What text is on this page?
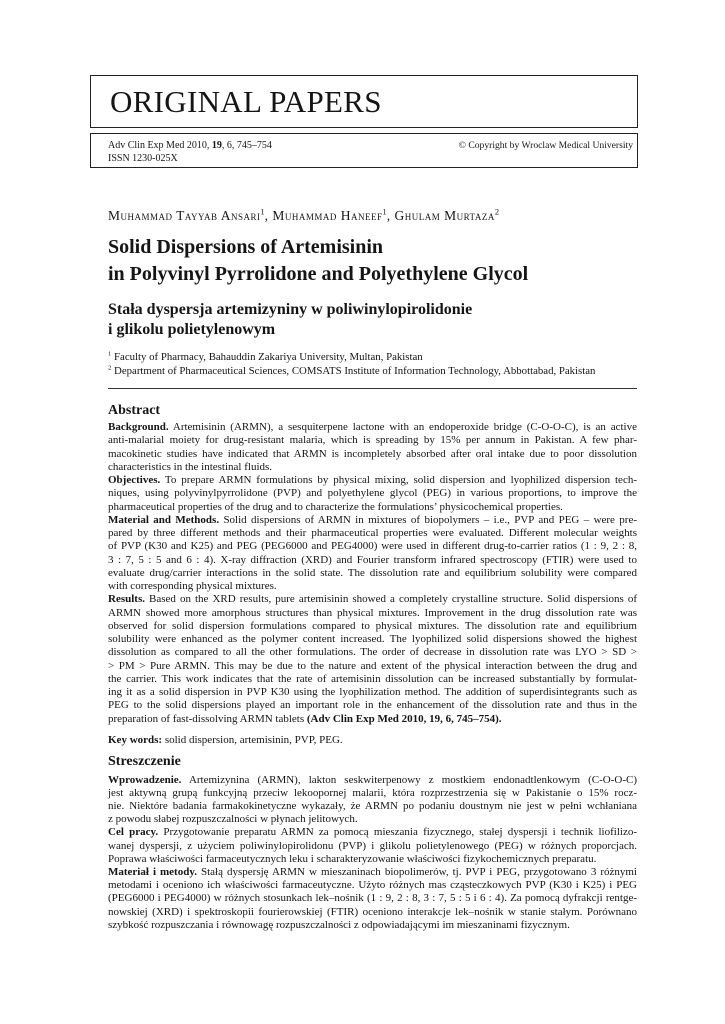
ORIGINAL PAPERS
Adv Clin Exp Med 2010, 19, 6, 745–754
ISSN 1230-025X
© Copyright by Wroclaw Medical University
Muhammad Tayyab Ansari$^1$, Muhammad Haneef$^1$, Ghulam Murtaza$^2$
Solid Dispersions of Artemisinin
in Polyvinyl Pyrrolidone and Polyethylene Glycol
Stała dyspersja artemizyniny w poliwinylopirolidonie
i glikolu polietylenowym
$^1$ Faculty of Pharmacy, Bahauddin Zakariya University, Multan, Pakistan
$^2$ Department of Pharmaceutical Sciences, COMSATS Institute of Information Technology, Abbottabad, Pakistan
Abstract
Background. Artemisinin (ARMN), a sesquiterpene lactone with an endoperoxide bridge (C-O-O-C), is an active
anti-malarial moiety for drug-resistant malaria, which is spreading by 15% per annum in Pakistan. A few phar-
macokinetic studies have indicated that ARMN is incompletely absorbed after oral intake due to poor dissolution
characteristics in the intestinal fluids.
Objectives. To prepare ARMN formulations by physical mixing, solid dispersion and lyophilized dispersion tech-
niques, using polyvinylpyrrolidone (PVP) and polyethylene glycol (PEG) in various proportions, to improve the
pharmaceutical properties of the drug and to characterize the formulations’ physicochemical properties.
Material and Methods. Solid dispersions of ARMN in mixtures of biopolymers – i.e., PVP and PEG – were pre-
pared by three different methods and their pharmaceutical properties were evaluated. Different molecular weights
of PVP (K30 and K25) and PEG (PEG6000 and PEG4000) were used in different drug-to-carrier ratios (1 : 9, 2 : 8,
3 : 7, 5 : 5 and 6 : 4). X-ray diffraction (XRD) and Fourier transform infrared spectroscopy (FTIR) were used to
evaluate drug/carrier interactions in the solid state. The dissolution rate and equilibrium solubility were compared
with corresponding physical mixtures.
Results. Based on the XRD results, pure artemisinin showed a completely crystalline structure. Solid dispersions of
ARMN showed more amorphous structures than physical mixtures. Improvement in the drug dissolution rate was
observed for solid dispersion formulations compared to physical mixtures. The dissolution rate and equilibrium
solubility were enhanced as the polymer content increased. The lyophilized solid dispersions showed the highest
dissolution as compared to all the other formulations. The order of decrease in dissolution rate was LYO > SD >
> PM > Pure ARMN. This may be due to the nature and extent of the physical interaction between the drug and
the carrier. This work indicates that the rate of artemisinin dissolution can be increased substantially by formulat-
ing it as a solid dispersion in PVP K30 using the lyophilization method. The addition of superdisintegrants such as
PEG to the solid dispersions played an important role in the enhancement of the dissolution rate and thus in the
preparation of fast-dissolving ARMN tablets (Adv Clin Exp Med 2010, 19, 6, 745–754).
Key words: solid dispersion, artemisinin, PVP, PEG.
Streszczenie
Wprowadzenie. Artemizynina (ARMN), lakton seskwiterpenowy z mostkiem endonadtlenkowym (C-O-O-C)
jest aktywną grupą funkcyjną przeciw lekoopornej malarii, która rozprzestrzenia się w Pakistanie o 15% rocz-
nie. Niektóre badania farmakokinetyczne wykazały, że ARMN po podaniu doustnym nie jest w pełni wchłaniana
z powodu słabej rozpuszczalności w płynach jelitowych.
Cel pracy. Przygotowanie preparatu ARMN za pomocą mieszania fizycznego, stałej dyspersji i technik liofilizo-
wanej dyspersji, z użyciem poliwinylopirolidonu (PVP) i glikolu polietylenowego (PEG) w różnych proporcjach.
Poprawa właściwości farmaceutycznych leku i scharakteryzowanie właściwości fizykochemicznych preparatu.
Materiał i metody. Stałą dyspersję ARMN w mieszaninach biopolimerów, tj. PVP i PEG, przygotowano 3 różnymi
metodami i oceniono ich właściwości farmaceutyczne. Użyto różnych mas cząsteczkowych PVP (K30 i K25) i PEG
(PEG6000 i PEG4000) w różnych stosunkach lek–nośnik (1 : 9, 2 : 8, 3 : 7, 5 : 5 i 6 : 4). Za pomocą dyfrakcji rentge-
nowskiej (XRD) i spektroskopii fourierowskiej (FTIR) oceniono interakcje lek–nośnik w stanie stałym. Porównano
szybkość rozpuszczania i równowagę rozpuszczalności z odpowiadającymi im mieszaninami fizycznym.
